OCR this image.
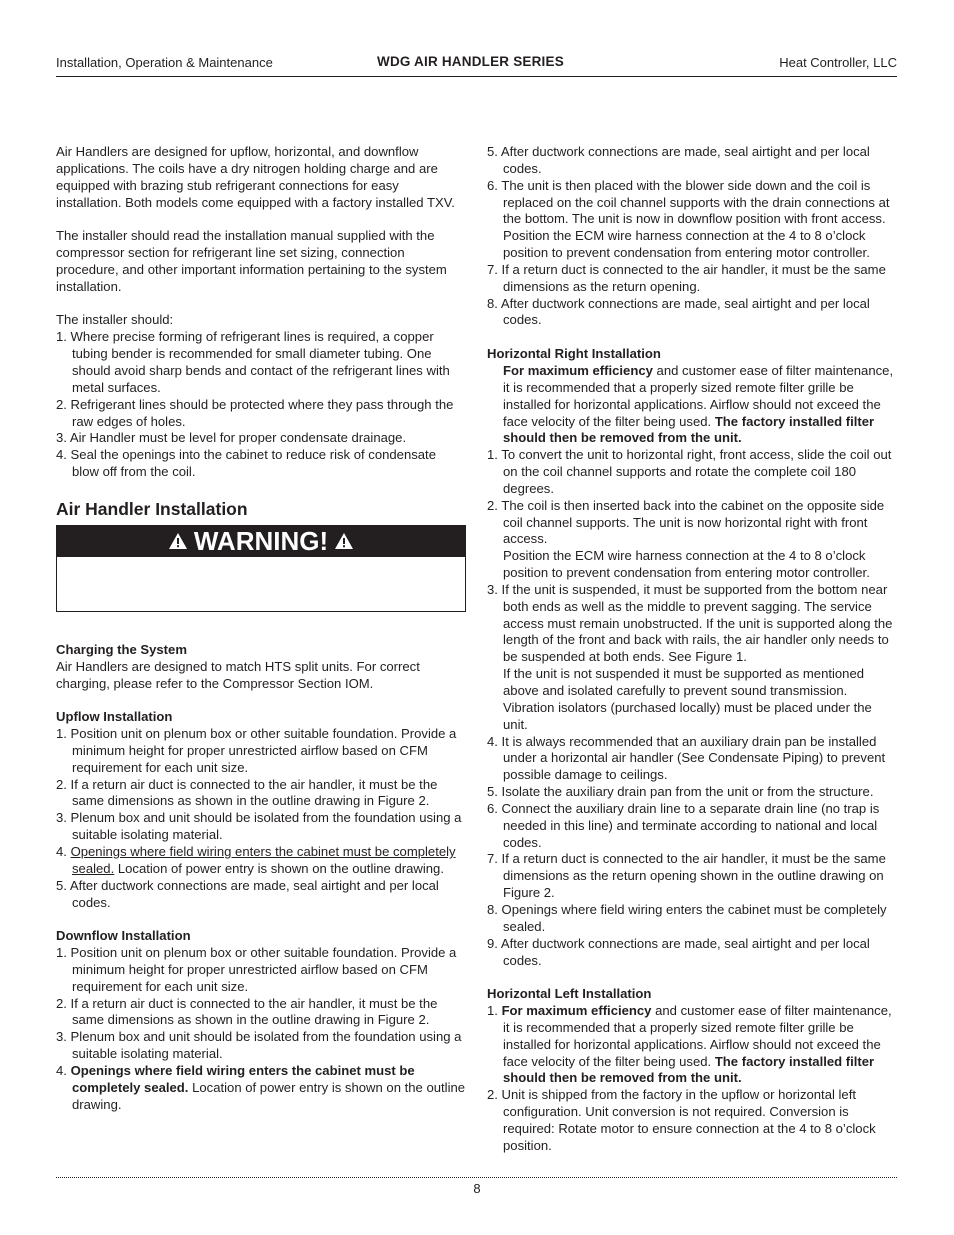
Installation, Operation & Maintenance	WDG AIR HANDLER SERIES	Heat Controller, LLC

Air Handlers are designed for upflow, horizontal, and downflow applications. The coils have a dry nitrogen holding charge and are equipped with brazing stub refrigerant connections for easy installation. Both models come equipped with a factory installed TXV.

The installer should read the installation manual supplied with the compressor section for refrigerant line set sizing, connection procedure, and other important information pertaining to the system installation.

The installer should:

1. Where precise forming of refrigerant lines is required, a copper tubing bender is recommended for small diameter tubing. One should avoid sharp bends and contact of the refrigerant lines with metal surfaces.

2. Refrigerant lines should be protected where they pass through the raw edges of holes.

3. Air Handler must be level for proper condensate drainage.

4. Seal the openings into the cabinet to reduce risk of condensate blow off from the coil.

Air Handler Installation
WARNING!

Charging the System

Air Handlers are designed to match HTS split units. For correct charging, please refer to the Compressor Section IOM.

Upflow Installation

1. Position unit on plenum box or other suitable foundation. Provide a minimum height for proper unrestricted airflow based on CFM requirement for each unit size.

2. If a return air duct is connected to the air handler, it must be the same dimensions as shown in the outline drawing in Figure 2.

3. Plenum box and unit should be isolated from the foundation using a suitable isolating material.

4. Openings where field wiring enters the cabinet must be completely sealed. Location of power entry is shown on the outline drawing.

5. After ductwork connections are made, seal airtight and per local codes.

Downflow Installation

1. Position unit on plenum box or other suitable foundation. Provide a minimum height for proper unrestricted airflow based on CFM requirement for each unit size.

2. If a return air duct is connected to the air handler, it must be the same dimensions as shown in the outline drawing in Figure 2.

3. Plenum box and unit should be isolated from the foundation using a suitable isolating material.

4. Openings where field wiring enters the cabinet must be completely sealed. Location of power entry is shown on the outline drawing.

5. After ductwork connections are made, seal airtight and per local codes.

6. The unit is then placed with the blower side down and the coil is replaced on the coil channel supports with the drain connections at the bottom. The unit is now in downflow position with front access.

Position the ECM wire harness connection at the 4 to 8 o’clock position to prevent condensation from entering motor controller.

7. If a return duct is connected to the air handler, it must be the same dimensions as the return opening.

8. After ductwork connections are made, seal airtight and per local codes.

Horizontal Right Installation

For maximum efficiency and customer ease of filter maintenance, it is recommended that a properly sized remote filter grille be installed for horizontal applications. Airflow should not exceed the face velocity of the filter being used. The factory installed filter should then be removed from the unit.

1. To convert the unit to horizontal right, front access, slide the coil out on the coil channel supports and rotate the complete coil 180 degrees.

2. The coil is then inserted back into the cabinet on the opposite side coil channel supports. The unit is now horizontal right with front access.

Position the ECM wire harness connection at the 4 to 8 o’clock position to prevent condensation from entering motor controller.

3. If the unit is suspended, it must be supported from the bottom near both ends as well as the middle to prevent sagging. The service access must remain unobstructed. If the unit is supported along the length of the front and back with rails, the air handler only needs to be suspended at both ends. See Figure 1.

If the unit is not suspended it must be supported as mentioned above and isolated carefully to prevent sound transmission. Vibration isolators (purchased locally) must be placed under the unit.

4. It is always recommended that an auxiliary drain pan be installed under a horizontal air handler (See Condensate Piping) to prevent possible damage to ceilings.

5. Isolate the auxiliary drain pan from the unit or from the structure.

6. Connect the auxiliary drain line to a separate drain line (no trap is needed in this line) and terminate according to national and local codes.

7. If a return duct is connected to the air handler, it must be the same dimensions as the return opening shown in the outline drawing on Figure 2.

8. Openings where field wiring enters the cabinet must be completely sealed.

9. After ductwork connections are made, seal airtight and per local codes.

Horizontal Left Installation

1. For maximum efficiency and customer ease of filter maintenance, it is recommended that a properly sized remote filter grille be installed for horizontal applications. Airflow should not exceed the face velocity of the filter being used. The factory installed filter should then be removed from the unit.

2. Unit is shipped from the factory in the upflow or horizontal left configuration. Unit conversion is not required. Conversion is required: Rotate motor to ensure connection at the 4 to 8 o’clock position.

8
